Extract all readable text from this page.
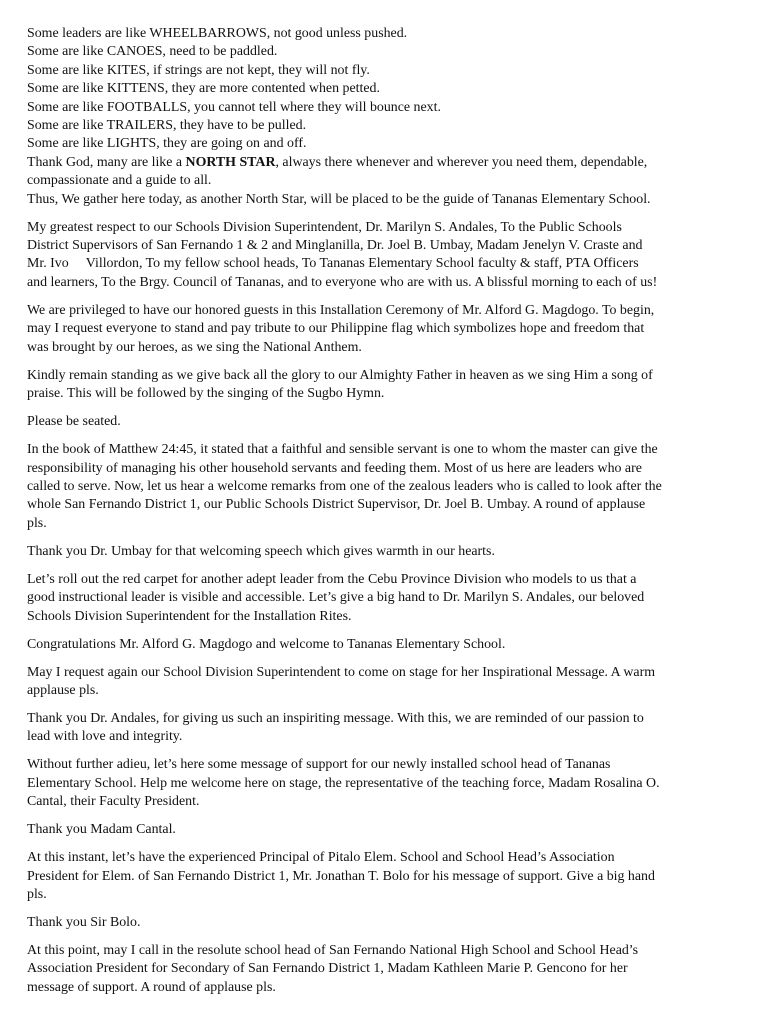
Some leaders are like WHEELBARROWS, not good unless pushed.
Some are like CANOES, need to be paddled.
Some are like KITES, if strings are not kept, they will not fly.
Some are like KITTENS, they are more contented when petted.
Some are like FOOTBALLS, you cannot tell where they will bounce next.
Some are like TRAILERS, they have to be pulled.
Some are like LIGHTS, they are going on and off.
Thank God, many are like a NORTH STAR, always there whenever and wherever you need them, dependable,
compassionate and a guide to all.
Thus, We gather here today, as another North Star, will be placed to be the guide of Tananas Elementary School.
My greatest respect to our Schools Division Superintendent, Dr. Marilyn S. Andales, To the Public Schools
District Supervisors of San Fernando 1 & 2 and Minglanilla, Dr. Joel B. Umbay, Madam Jenelyn V. Craste and
Mr. Ivo     Villordon, To my fellow school heads, To Tananas Elementary School faculty & staff, PTA Officers
and learners, To the Brgy. Council of Tananas, and to everyone who are with us. A blissful morning to each of us!
We are privileged to have our honored guests in this Installation Ceremony of Mr. Alford G. Magdogo. To begin,
may I request everyone to stand and pay tribute to our Philippine flag which symbolizes hope and freedom that
was brought by our heroes, as we sing the National Anthem.
Kindly remain standing as we give back all the glory to our Almighty Father in heaven as we sing Him a song of
praise. This will be followed by the singing of the Sugbo Hymn.
Please be seated.
In the book of Matthew 24:45, it stated that a faithful and sensible servant is one to whom the master can give the
responsibility of managing his other household servants and feeding them. Most of us here are leaders who are
called to serve. Now, let us hear a welcome remarks from one of the zealous leaders who is called to look after the
whole San Fernando District 1, our Public Schools District Supervisor, Dr. Joel B. Umbay. A round of applause
pls.
Thank you Dr. Umbay for that welcoming speech which gives warmth in our hearts.
Let’s roll out the red carpet for another adept leader from the Cebu Province Division who models to us that a
good instructional leader is visible and accessible. Let’s give a big hand to Dr. Marilyn S. Andales, our beloved
Schools Division Superintendent for the Installation Rites.
Congratulations Mr. Alford G. Magdogo and welcome to Tananas Elementary School.
May I request again our School Division Superintendent to come on stage for her Inspirational Message. A warm
applause pls.
Thank you Dr. Andales, for giving us such an inspiriting message. With this, we are reminded of our passion to
lead with love and integrity.
Without further adieu, let’s here some message of support for our newly installed school head of Tananas
Elementary School. Help me welcome here on stage, the representative of the teaching force, Madam Rosalina O.
Cantal, their Faculty President.
Thank you Madam Cantal.
At this instant, let’s have the experienced Principal of Pitalo Elem. School and School Head’s Association
President for Elem. of San Fernando District 1, Mr. Jonathan T. Bolo for his message of support. Give a big hand
pls.
Thank you Sir Bolo.
At this point, may I call in the resolute school head of San Fernando National High School and School Head’s
Association President for Secondary of San Fernando District 1, Madam Kathleen Marie P. Gencono for her
message of support. A round of applause pls.
